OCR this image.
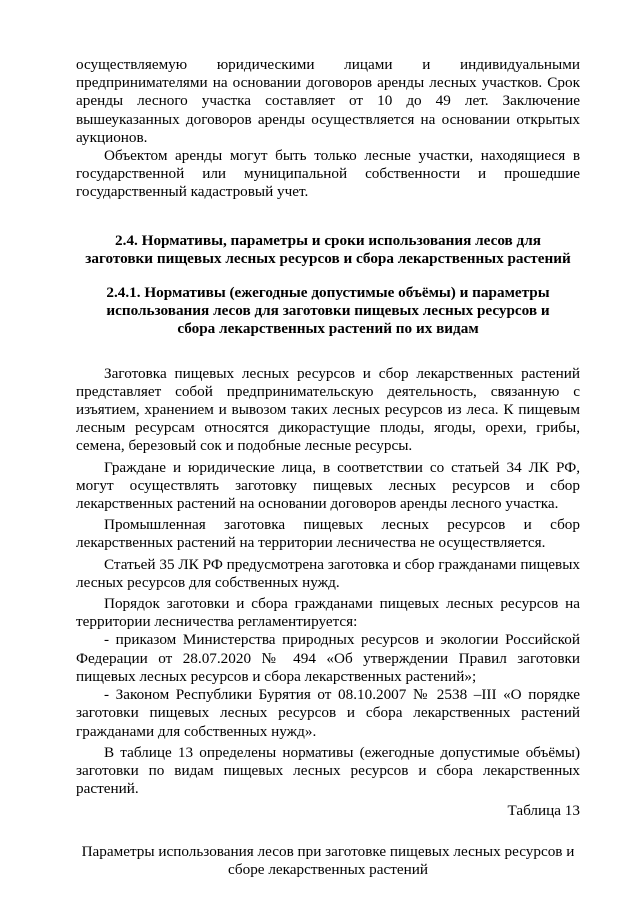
осуществляемую юридическими лицами и индивидуальными предпринимателями на основании договоров аренды лесных участков. Срок аренды лесного участка составляет от 10 до 49 лет. Заключение вышеуказанных договоров аренды осуществляется на основании открытых аукционов.

Объектом аренды могут быть только лесные участки, находящиеся в государственной или муниципальной собственности и прошедшие государственный кадастровый учет.

2.4. Нормативы, параметры и сроки использования лесов для заготовки пищевых лесных ресурсов и сбора лекарственных растений

2.4.1. Нормативы (ежегодные допустимые объёмы) и параметры использования лесов для заготовки пищевых лесных ресурсов и сбора лекарственных растений по их видам

Заготовка пищевых лесных ресурсов и сбор лекарственных растений представляет собой предпринимательскую деятельность, связанную с изъятием, хранением и вывозом таких лесных ресурсов из леса. К пищевым лесным ресурсам относятся дикорастущие плоды, ягоды, орехи, грибы, семена, березовый сок и подобные лесные ресурсы.

Граждане и юридические лица, в соответствии со статьей 34 ЛК РФ, могут осуществлять заготовку пищевых лесных ресурсов и сбор лекарственных растений на основании договоров аренды лесного участка.

Промышленная заготовка пищевых лесных ресурсов и сбор лекарственных растений на территории лесничества не осуществляется.

Статьей 35 ЛК РФ предусмотрена заготовка и сбор гражданами пищевых лесных ресурсов для собственных нужд.

Порядок заготовки и сбора гражданами пищевых лесных ресурсов на территории лесничества регламентируется:

- приказом Министерства природных ресурсов и экологии Российской Федерации от 28.07.2020 № 494 «Об утверждении Правил заготовки пищевых лесных ресурсов и сбора лекарственных растений»;

- Законом Республики Бурятия от 08.10.2007 № 2538 –III «О порядке заготовки пищевых лесных ресурсов и сбора лекарственных растений гражданами для собственных нужд».

В таблице 13 определены нормативы (ежегодные допустимые объёмы) заготовки по видам пищевых лесных ресурсов и сбора лекарственных растений.

Таблица 13

Параметры использования лесов при заготовке пищевых лесных ресурсов и сборе лекарственных растений
